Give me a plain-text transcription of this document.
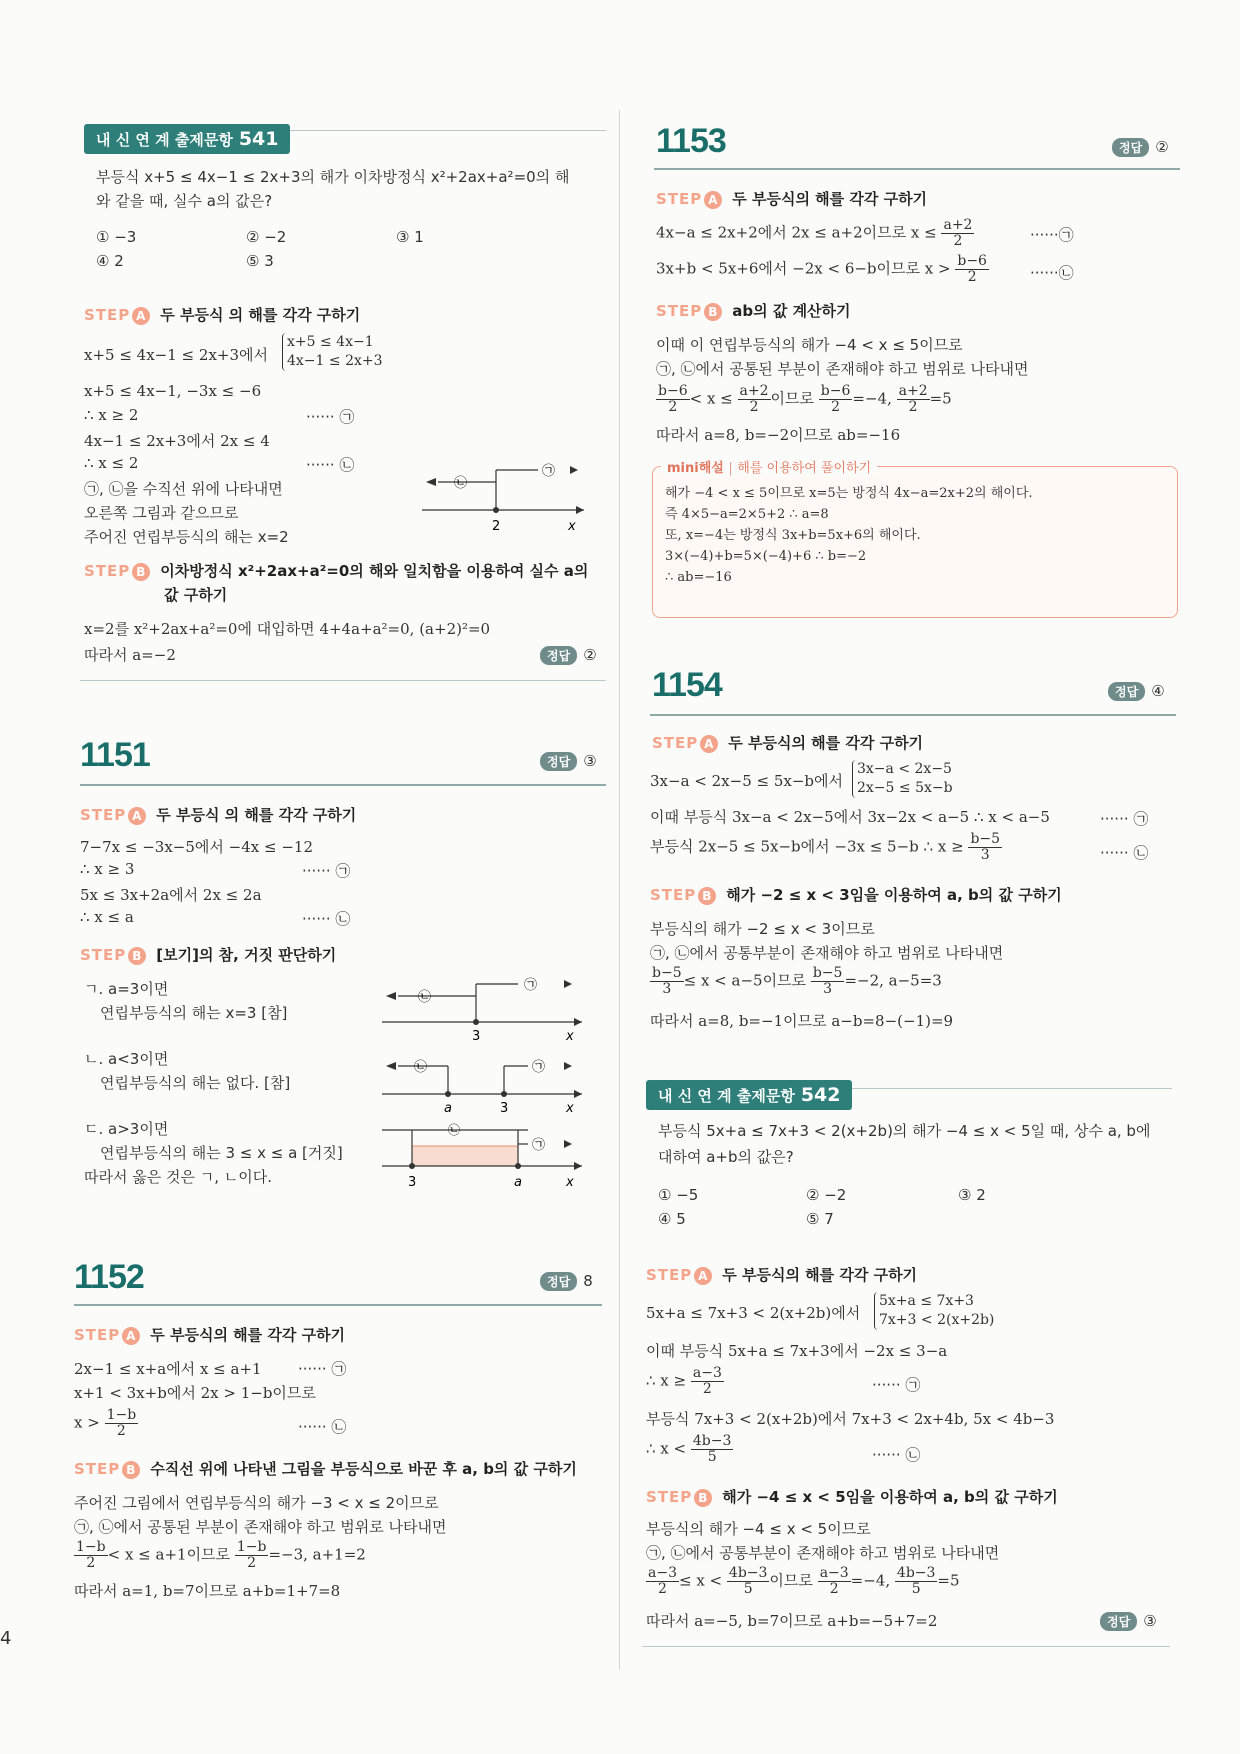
4
내 신 연 계 출제문항 541
부등식 x+5 ≤ 4x−1 ≤ 2x+3의 해가 이차방정식 x²+2ax+a²=0의 해
와 같을 때, 실수 a의 값은?
① −3	② −2	③ 1
④ 2	⑤ 3
STEP A 두 부등식 의 해를 각각 구하기
x+5 ≤ 4x−1 ≤ 2x+3에서
x+5 ≤ 4x−1
4x−1 ≤ 2x+3
x+5 ≤ 4x−1, −3x ≤ −6
∴ x ≥ 2	······ ㉠
4x−1 ≤ 2x+3에서 2x ≤ 4
∴ x ≤ 2	······ ㉡
㉠, ㉡을 수직선 위에 나타내면
오른쪽 그림과 같으므로
주어진 연립부등식의 해는 x=2
㉡
㉠
2	x
STEP B 이차방정식 x²+2ax+a²=0의 해와 일치함을 이용하여 실수 a의
값 구하기
x=2를 x²+2ax+a²=0에 대입하면 4+4a+a²=0, (a+2)²=0
따라서 a=−2	정답 ②
1151	정답 ③
STEP A 두 부등식 의 해를 각각 구하기
7−7x ≤ −3x−5에서 −4x ≤ −12
∴ x ≥ 3	······ ㉠
5x ≤ 3x+2a에서 2x ≤ 2a
∴ x ≤ a	······ ㉡
STEP B [보기]의 참, 거짓 판단하기
ㄱ. a=3이면
연립부등식의 해는 x=3 [참]
ㄴ. a<3이면
연립부등식의 해는 없다. [참]
ㄷ. a>3이면
연립부등식의 해는 3 ≤ x ≤ a [거짓]
따라서 옳은 것은 ㄱ, ㄴ이다.
㉡
㉠
3	x
㉡	㉠
a	3	x
㉡
㉠
3	a	x
1152	정답 8
STEP A 두 부등식의 해를 각각 구하기
2x−1 ≤ x+a에서 x ≤ a+1 ······ ㉠
x+1 < 3x+b에서 2x > 1−b이므로
$x > \frac{1-b}{2}$	······ ㉡
STEP B 수직선 위에 나타낸 그림을 부등식으로 바꾼 후 a, b의 값 구하기
주어진 그림에서 연립부등식의 해가 −3 < x ≤ 2이므로
㉠, ㉡에서 공통된 부분이 존재해야 하고 범위로 나타내면
$\frac{1-b}{2} < x \le a+1$이므로 $\frac{1-b}{2} =-3$, a+1=2
따라서 a=1, b=7이므로 a+b=1+7=8
1153	정답 ②
STEP A 두 부등식의 해를 각각 구하기
4x−a ≤ 2x+2에서 2x ≤ a+2이므로 $x \le \frac{a+2}{2}$	······㉠
3x+b < 5x+6에서 −2x < 6−b이므로 $x > \frac{b-6}{2}$	······㉡
STEP B ab의 값 계산하기
이때 이 연립부등식의 해가 −4 < x ≤ 5이므로
㉠, ㉡에서 공통된 부분이 존재해야 하고 범위로 나타내면
$\frac{b-6}{2} < x \le \frac{a+2}{2}$ 이므로 $\frac{b-6}{2} =-4$, $\frac{a+2}{2} =5$
따라서 a=8, b=−2이므로 ab=−16
mini해설 | 해를 이용하여 풀이하기
해가 −4 < x ≤ 5이므로 x=5는 방정식 4x−a=2x+2의 해이다.
즉 4×5−a=2×5+2 ∴ a=8
또, x=−4는 방정식 3x+b=5x+6의 해이다.
3×(−4)+b=5×(−4)+6 ∴ b=−2
∴ ab=−16
1154	정답 ④
STEP A 두 부등식의 해를 각각 구하기
3x−a < 2x−5 ≤ 5x−b에서
3x−a < 2x−5
2x−5 ≤ 5x−b
이때 부등식 3x−a < 2x−5에서 3x−2x < a−5 ∴ x < a−5	······ ㉠
부등식 2x−5 ≤ 5x−b에서 −3x ≤ 5−b ∴ $x \ge \frac{b-5}{3}$	······ ㉡
STEP B 해가 −2 ≤ x < 3임을 이용하여 a, b의 값 구하기
부등식의 해가 −2 ≤ x < 3이므로
㉠, ㉡에서 공통부분이 존재해야 하고 범위로 나타내면
$\frac{b-5}{3} \le x < a-5$이므로 $\frac{b-5}{3} =-2$, a−5=3
따라서 a=8, b=−1이므로 a−b=8−(−1)=9
내 신 연 계 출제문항 542
부등식 5x+a ≤ 7x+3 < 2(x+2b)의 해가 −4 ≤ x < 5일 때, 상수 a, b에
대하여 a+b의 값은?
① −5	② −2	③ 2
④ 5	⑤ 7
STEP A 두 부등식의 해를 각각 구하기
5x+a ≤ 7x+3 < 2(x+2b)에서
5x+a ≤ 7x+3
7x+3 < 2(x+2b)
이때 부등식 5x+a ≤ 7x+3에서 −2x ≤ 3−a
∴ $x \ge \frac{a-3}{2}$	······ ㉠
부등식 7x+3 < 2(x+2b)에서 7x+3 < 2x+4b, 5x < 4b−3
∴ $x < \frac{4b-3}{5}$	······ ㉡
STEP B 해가 −4 ≤ x < 5임을 이용하여 a, b의 값 구하기
부등식의 해가 −4 ≤ x < 5이므로
㉠, ㉡에서 공통부분이 존재해야 하고 범위로 나타내면
$\frac{a-3}{2} \le x < \frac{4b-3}{5}$ 이므로 $\frac{a-3}{2} =-4$, $\frac{4b-3}{5} =5$
따라서 a=−5, b=7이므로 a+b=−5+7=2	정답 ③
